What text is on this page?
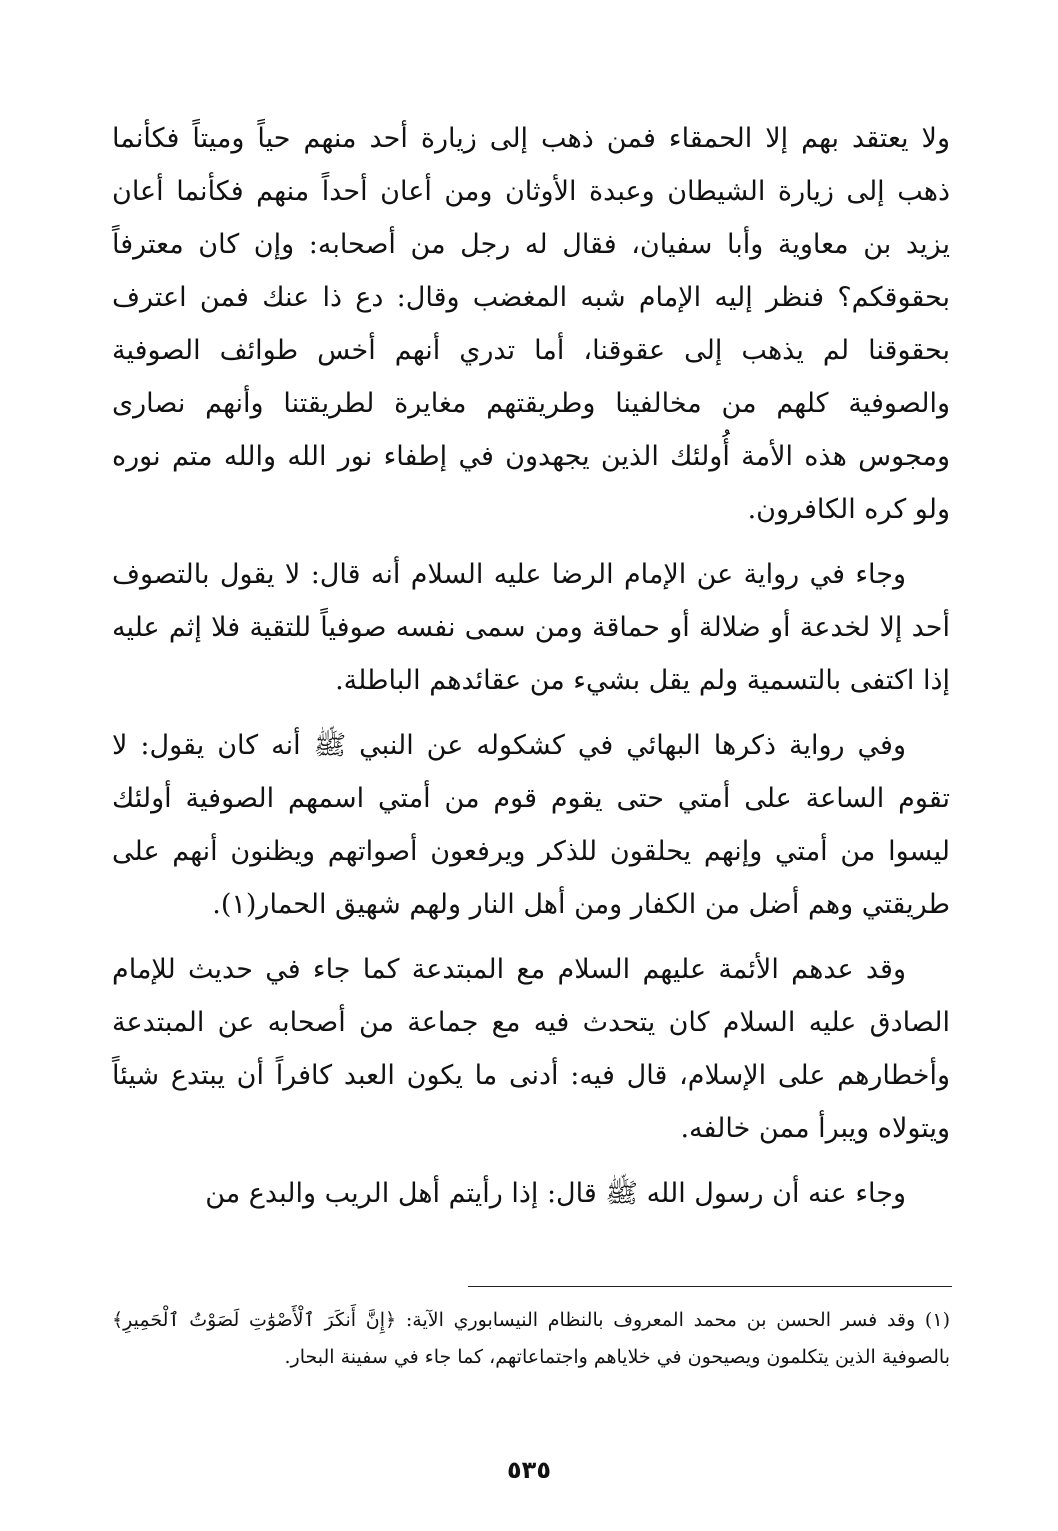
ولا يعتقد بهم إلا الحمقاء فمن ذهب إلى زيارة أحد منهم حياً وميتاً فكأنما ذهب إلى زيارة الشيطان وعبدة الأوثان ومن أعان أحداً منهم فكأنما أعان يزيد بن معاوية وأبا سفيان، فقال له رجل من أصحابه: وإن كان معترفاً بحقوقكم؟ فنظر إليه الإمام شبه المغضب وقال: دع ذا عنك فمن اعترف بحقوقنا لم يذهب إلى عقوقنا، أما تدري أنهم أخس طوائف الصوفية والصوفية كلهم من مخالفينا وطريقتهم مغايرة لطريقتنا وأنهم نصارى ومجوس هذه الأمة أُولئك الذين يجهدون في إطفاء نور الله والله متم نوره ولو كره الكافرون.

وجاء في رواية عن الإمام الرضا عليه السلام أنه قال: لا يقول بالتصوف أحد إلا لخدعة أو ضلالة أو حماقة ومن سمى نفسه صوفياً للتقية فلا إثم عليه إذا اكتفى بالتسمية ولم يقل بشيء من عقائدهم الباطلة.

وفي رواية ذكرها البهائي في كشكوله عن النبي ﷺ أنه كان يقول: لا تقوم الساعة على أمتي حتى يقوم قوم من أمتي اسمهم الصوفية أولئك ليسوا من أمتي وإنهم يحلقون للذكر ويرفعون أصواتهم ويظنون أنهم على طريقتي وهم أضل من الكفار ومن أهل النار ولهم شهيق الحمار(١).

وقد عدهم الأئمة عليهم السلام مع المبتدعة كما جاء في حديث للإمام الصادق عليه السلام كان يتحدث فيه مع جماعة من أصحابه عن المبتدعة وأخطارهم على الإسلام، قال فيه: أدنى ما يكون العبد كافراً أن يبتدع شيئاً ويتولاه ويبرأ ممن خالفه.

وجاء عنه أن رسول الله ﷺ قال: إذا رأيتم أهل الريب والبدع من

(١) وقد فسر الحسن بن محمد المعروف بالنظام النيسابوري الآية: ﴿إِنَّ أَنكَرَ ٱلْأَصْوَٰتِ لَصَوْتُ ٱلْحَمِيرِ﴾ بالصوفية الذين يتكلمون ويصيحون في خلاياهم واجتماعاتهم، كما جاء في سفينة البحار.

٥٣٥
